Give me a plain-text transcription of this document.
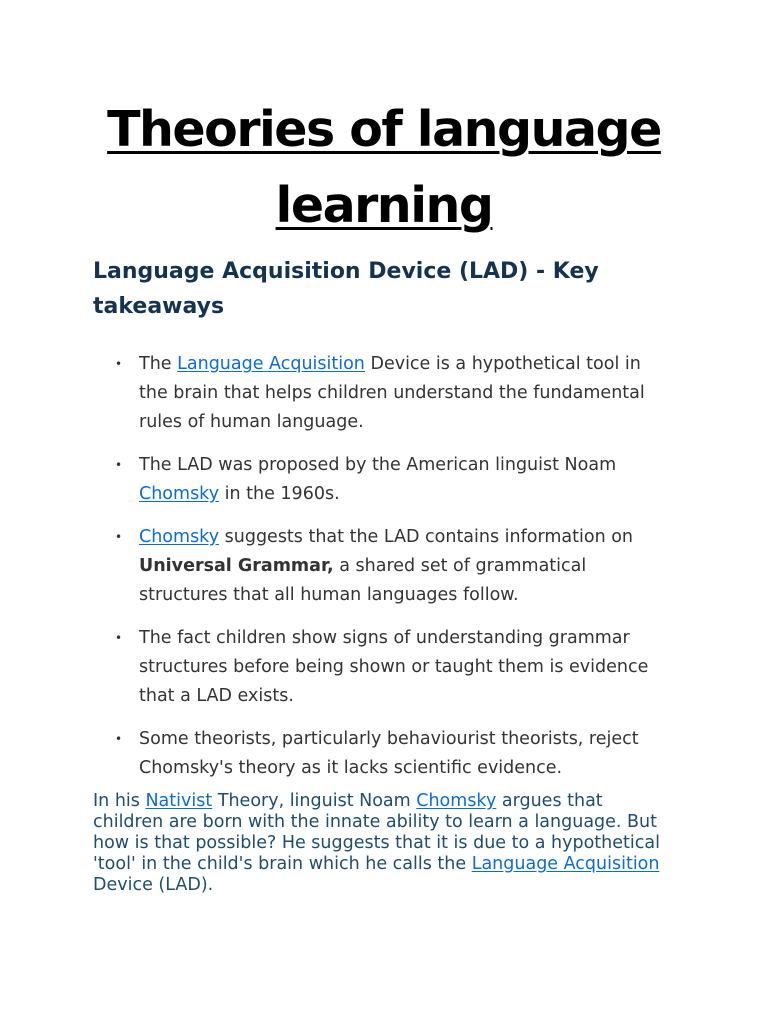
Theories of language learning
Language Acquisition Device (LAD) - Key takeaways
• The Language Acquisition Device is a hypothetical tool in the brain that helps children understand the fundamental rules of human language.
• The LAD was proposed by the American linguist Noam Chomsky in the 1960s.
• Chomsky suggests that the LAD contains information on Universal Grammar, a shared set of grammatical structures that all human languages follow.
• The fact children show signs of understanding grammar structures before being shown or taught them is evidence that a LAD exists.
• Some theorists, particularly behaviourist theorists, reject Chomsky's theory as it lacks scientific evidence.

In his Nativist Theory, linguist Noam Chomsky argues that children are born with the innate ability to learn a language. But how is that possible? He suggests that it is due to a hypothetical 'tool' in the child's brain which he calls the Language Acquisition Device (LAD).
